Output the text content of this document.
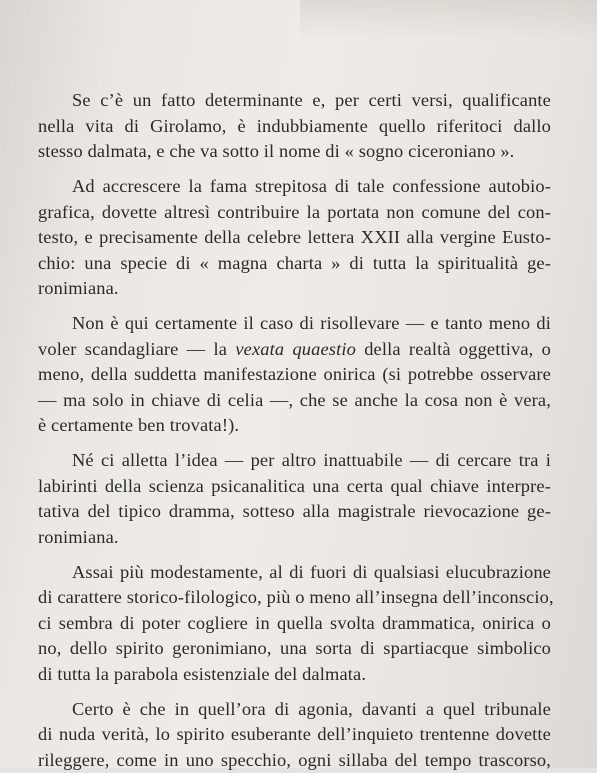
Se c’è un fatto determinante e, per certi versi, qualificante
nella vita di Girolamo, è indubbiamente quello riferitoci dallo
stesso dalmata, e che va sotto il nome di « sogno ciceroniano ».
Ad accrescere la fama strepitosa di tale confessione autobio-
grafica, dovette altresì contribuire la portata non comune del con-
testo, e precisamente della celebre lettera XXII alla vergine Eusto-
chio: una specie di « magna charta » di tutta la spiritualità ge-
ronimiana.
Non è qui certamente il caso di risollevare — e tanto meno di
voler scandagliare — la vexata quaestio della realtà oggettiva, o
meno, della suddetta manifestazione onirica (si potrebbe osservare
— ma solo in chiave di celia —, che se anche la cosa non è vera,
è certamente ben trovata!).
Né ci alletta l’idea — per altro inattuabile — di cercare tra i
labirinti della scienza psicanalitica una certa qual chiave interpre-
tativa del tipico dramma, sotteso alla magistrale rievocazione ge-
ronimiana.
Assai più modestamente, al di fuori di qualsiasi elucubrazione
di carattere storico-filologico, più o meno all’insegna dell’inconscio,
ci sembra di poter cogliere in quella svolta drammatica, onirica o
no, dello spirito geronimiano, una sorta di spartiacque simbolico
di tutta la parabola esistenziale del dalmata.
Certo è che in quell’ora di agonia, davanti a quel tribunale
di nuda verità, lo spirito esuberante dell’inquieto trentenne dovette
rileggere, come in uno specchio, ogni sillaba del tempo trascorso,
